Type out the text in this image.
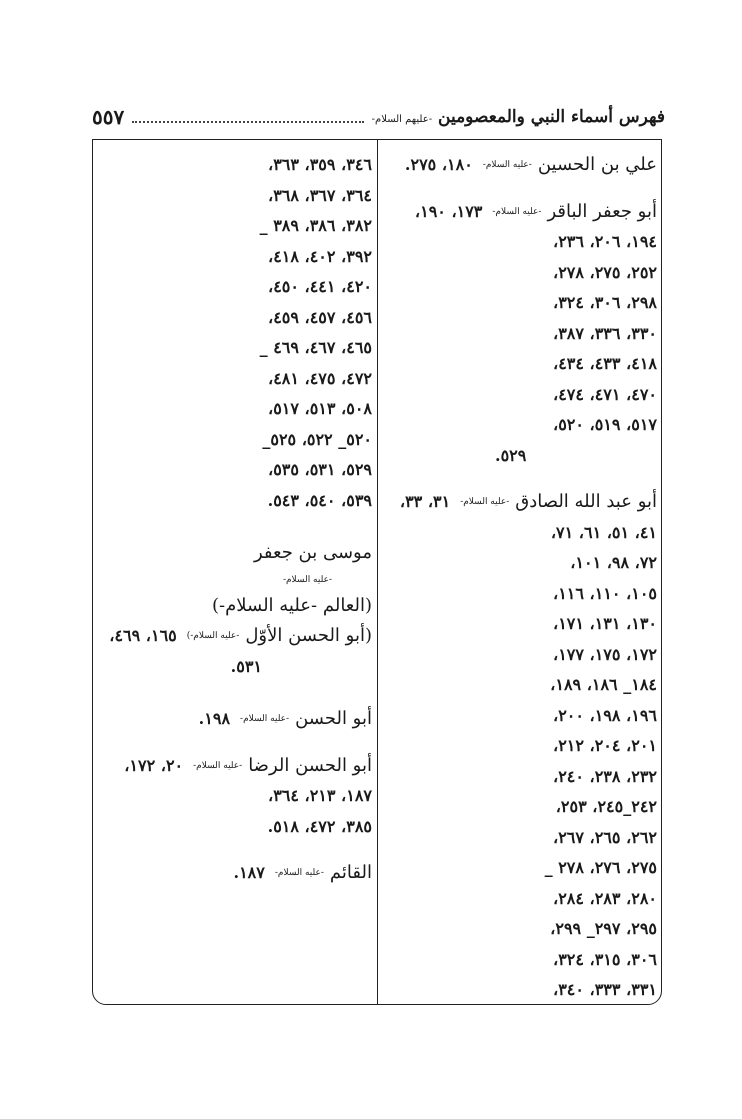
فهرس أسماء النبي والمعصومين -عليهم السلام-
٥٥٧
علي بن الحسين
-عليه السلام-
١٨٠، ٢٧٥.
أبو جعفر الباقر
-عليه السلام-
١٧٣، ١٩٠،
١٩٤، ٢٠٦، ٢٣٦،
٢٥٢، ٢٧٥، ٢٧٨،
٢٩٨، ٣٠٦، ٣٢٤،
٣٣٠، ٣٣٦، ٣٨٧،
٤١٨، ٤٣٣، ٤٣٤،
٤٧٠، ٤٧١، ٤٧٤،
٥١٧، ٥١٩، ٥٢٠،
٥٢٩.
أبو عبد الله الصادق
-عليه السلام-
٣١، ٣٣،
٤١، ٥١، ٦١، ٧١،
٧٢، ٩٨، ١٠١،
١٠٥، ١١٠، ١١٦،
١٣٠، ١٣١، ١٧١،
١٧٢، ١٧٥، ١٧٧،
١٨٤_ ١٨٦، ١٨٩،
١٩٦، ١٩٨، ٢٠٠،
٢٠١، ٢٠٤، ٢١٢،
٢٣٢، ٢٣٨، ٢٤٠،
٢٤٢_٢٤٥، ٢٥٣،
٢٦٢، ٢٦٥، ٢٦٧،
٢٧٥، ٢٧٦، ٢٧٨ _
٢٨٠، ٢٨٣، ٢٨٤،
٢٩٥، ٢٩٧_ ٢٩٩،
٣٠٦، ٣١٥، ٣٢٤،
٣٣١، ٣٣٣، ٣٤٠،
٣٤٦، ٣٥٩، ٣٦٣،
٣٦٤، ٣٦٧، ٣٦٨،
٣٨٢، ٣٨٦، ٣٨٩ _
٣٩٢، ٤٠٢، ٤١٨،
٤٢٠، ٤٤١، ٤٥٠،
٤٥٦، ٤٥٧، ٤٥٩،
٤٦٥، ٤٦٧، ٤٦٩ _
٤٧٢، ٤٧٥، ٤٨١،
٥٠٨، ٥١٣، ٥١٧،
٥٢٠_ ٥٢٢، ٥٢٥_
٥٢٩، ٥٣١، ٥٣٥،
٥٣٩، ٥٤٠، ٥٤٣.
موسى بن جعفر
-عليه السلام-
(العالم -عليه السلام-)
(أبو الحسن الأوّل
-عليه السلام-)
١٦٥، ٤٦٩،
٥٣١.
أبو الحسن
-عليه السلام-
١٩٨.
أبو الحسن الرضا
-عليه السلام-
٢٠، ١٧٢،
١٨٧، ٢١٣، ٣٦٤،
٣٨٥، ٤٧٢، ٥١٨.
القائم
-عليه السلام-
١٨٧.
